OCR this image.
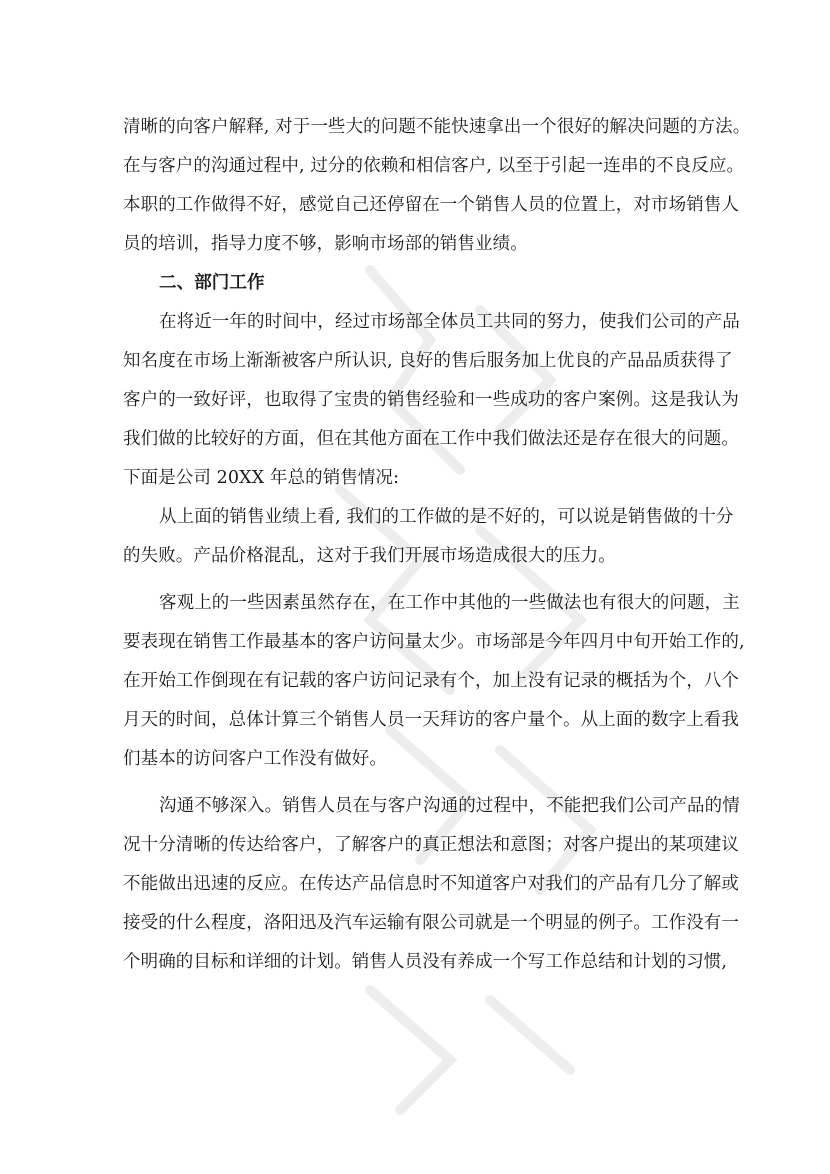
清晰的向客户解释, 对于一些大的问题不能快速拿出一个很好的解决问题的方法。
在与客户的沟通过程中, 过分的依赖和相信客户, 以至于引起一连串的不良反应。
本职的工作做得不好，感觉自己还停留在一个销售人员的位置上，对市场销售人
员的培训，指导力度不够，影响市场部的销售业绩。
二、部门工作
在将近一年的时间中，经过市场部全体员工共同的努力，使我们公司的产品
知名度在市场上渐渐被客户所认识, 良好的售后服务加上优良的产品品质获得了
客户的一致好评，也取得了宝贵的销售经验和一些成功的客户案例。这是我认为
我们做的比较好的方面，但在其他方面在工作中我们做法还是存在很大的问题。
下面是公司 20XX 年总的销售情况:
从上面的销售业绩上看, 我们的工作做的是不好的，可以说是销售做的十分
的失败。产品价格混乱，这对于我们开展市场造成很大的压力。
客观上的一些因素虽然存在，在工作中其他的一些做法也有很大的问题，主
要表现在销售工作最基本的客户访问量太少。市场部是今年四月中旬开始工作的,
在开始工作倒现在有记载的客户访问记录有个，加上没有记录的概括为个，八个
月天的时间，总体计算三个销售人员一天拜访的客户量个。从上面的数字上看我
们基本的访问客户工作没有做好。
沟通不够深入。销售人员在与客户沟通的过程中，不能把我们公司产品的情
况十分清晰的传达给客户，了解客户的真正想法和意图；对客户提出的某项建议
不能做出迅速的反应。在传达产品信息时不知道客户对我们的产品有几分了解或
接受的什么程度，洛阳迅及汽车运输有限公司就是一个明显的例子。工作没有一
个明确的目标和详细的计划。销售人员没有养成一个写工作总结和计划的习惯,
